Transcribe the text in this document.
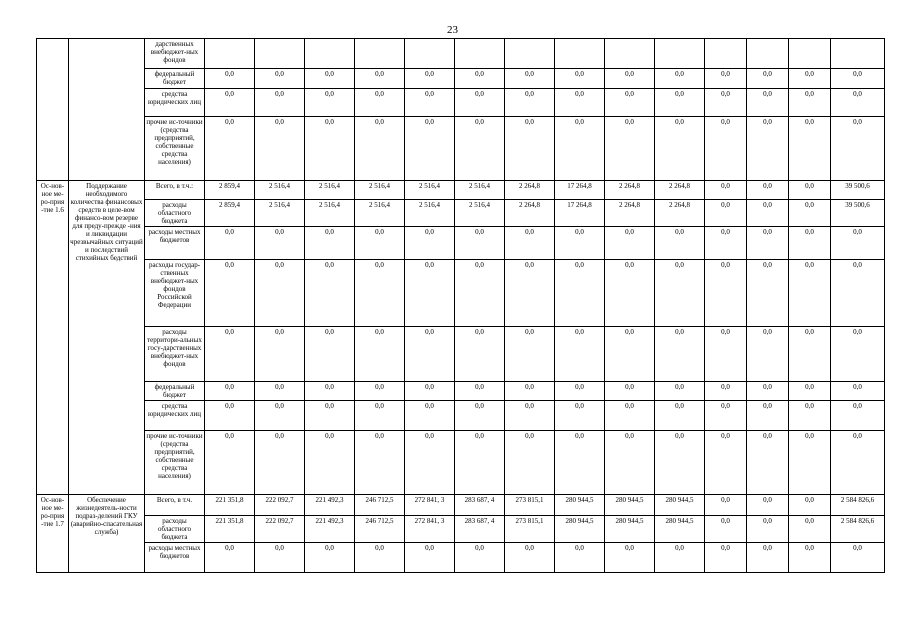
23
		дарственных внебюджет-ных фондов														
		федеральный бюджет	0,0	0,0	0,0	0,0	0,0	0,0	0,0	0,0	0,0	0,0	0,0	0,0	0,0	0,0
		средства юридических лиц	0,0	0,0	0,0	0,0	0,0	0,0	0,0	0,0	0,0	0,0	0,0	0,0	0,0	0,0
		прочие ис-точники (средства предприятий, собственные средства населения)	0,0	0,0	0,0	0,0	0,0	0,0	0,0	0,0	0,0	0,0	0,0	0,0	0,0	0,0
Ос-нов-ное ме-ро-прия -тие 1.6	Поддержание необходимого количества финансовых средств в целе-вом финансо-вом резерве для преду-прежде -ния и ликвидации чрезвычайных ситуаций и последствий стихийных бедствий	Всего, в т.ч.:	2 859,4	2 516,4	2 516,4	2 516,4	2 516,4	2 516,4	2 264,8	17 264,8	2 264,8	2 264,8	0,0	0,0	0,0	39 500,6
		расходы областного бюджета	2 859,4	2 516,4	2 516,4	2 516,4	2 516,4	2 516,4	2 264,8	17 264,8	2 264,8	2 264,8	0,0	0,0	0,0	39 500,6
		расходы местных бюджетов	0,0	0,0	0,0	0,0	0,0	0,0	0,0	0,0	0,0	0,0	0,0	0,0	0,0	0,0
		расходы государ-ственных внебюджет-ных фондов Российской Федерации	0,0	0,0	0,0	0,0	0,0	0,0	0,0	0,0	0,0	0,0	0,0	0,0	0,0	0,0
		расходы территори-альных госу-дарственных внебюджет-ных фондов	0,0	0,0	0,0	0,0	0,0	0,0	0,0	0,0	0,0	0,0	0,0	0,0	0,0	0,0
		федеральный бюджет	0,0	0,0	0,0	0,0	0,0	0,0	0,0	0,0	0,0	0,0	0,0	0,0	0,0	0,0
		средства юридических лиц	0,0	0,0	0,0	0,0	0,0	0,0	0,0	0,0	0,0	0,0	0,0	0,0	0,0	0,0
		прочие ис-точники (средства предприятий, собственные средства населения)	0,0	0,0	0,0	0,0	0,0	0,0	0,0	0,0	0,0	0,0	0,0	0,0	0,0	0,0
Ос-нов-ное ме-ро-прия -тие 1.7	Обеспечение жизнедеятель-ности подраз-делений ГКУ (аварийно-спасательная служба)	Всего, в т.ч.	221 351,8	222 092,7	221 492,3	246 712,5	272 841, 3	283 687, 4	273 815,1	280 944,5	280 944,5	280 944,5	0,0	0,0	0,0	2 584 826,6
		расходы областного бюджета	221 351,8	222 092,7	221 492,3	246 712,5	272 841, 3	283 687, 4	273 815,1	280 944,5	280 944,5	280 944,5	0,0	0,0	0,0	2 584 826,6
		расходы местных бюджетов	0,0	0,0	0,0	0,0	0,0	0,0	0,0	0,0	0,0	0,0	0,0	0,0	0,0	0,0
